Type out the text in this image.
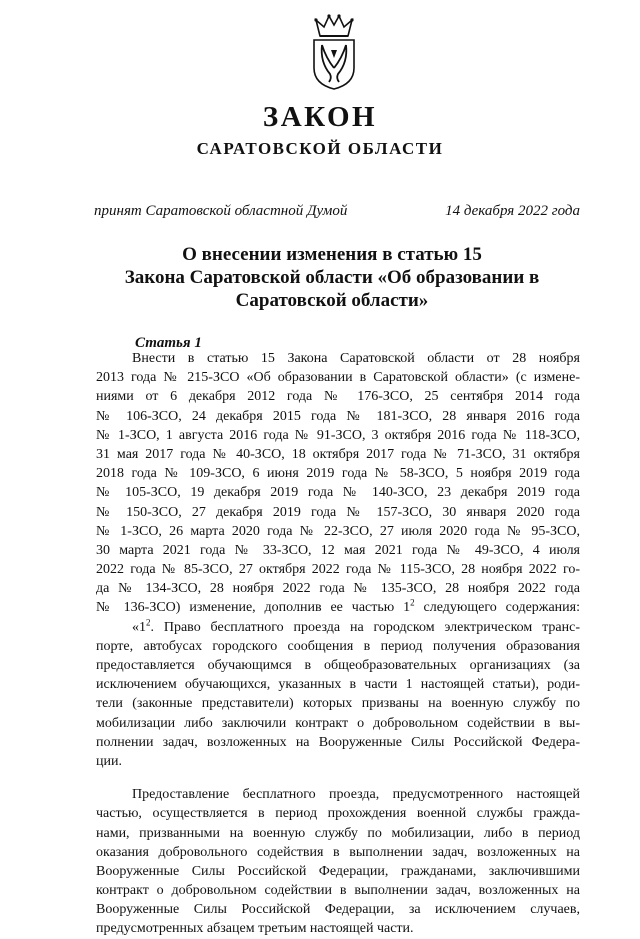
ЗАКОН
САРАТОВСКОЙ ОБЛАСТИ
принят Саратовской областной Думой	14 декабря 2022 года
О внесении изменения в статью 15
Закона Саратовской области «Об образовании в
Саратовской области»
Статья 1
Внести в статью 15 Закона Саратовской области от 28 ноября
2013 года № 215-ЗСО «Об образовании в Саратовской области» (с измене-
ниями от 6 декабря 2012 года № 176-ЗСО, 25 сентября 2014 года
№ 106-ЗСО, 24 декабря 2015 года № 181-ЗСО, 28 января 2016 года
№ 1-ЗСО, 1 августа 2016 года № 91-ЗСО, 3 октября 2016 года № 118-ЗСО,
31 мая 2017 года № 40-ЗСО, 18 октября 2017 года № 71-ЗСО, 31 октября
2018 года № 109-ЗСО, 6 июня 2019 года № 58-ЗСО, 5 ноября 2019 года
№ 105-ЗСО, 19 декабря 2019 года № 140-ЗСО, 23 декабря 2019 года
№ 150-ЗСО, 27 декабря 2019 года № 157-ЗСО, 30 января 2020 года
№ 1-ЗСО, 26 марта 2020 года № 22-ЗСО, 27 июля 2020 года № 95-ЗСО,
30 марта 2021 года № 33-ЗСО, 12 мая 2021 года № 49-ЗСО, 4 июля
2022 года № 85-ЗСО, 27 октября 2022 года № 115-ЗСО, 28 ноября 2022 го-
да № 134-ЗСО, 28 ноября 2022 года № 135-ЗСО, 28 ноября 2022 года
№ 136-ЗСО) изменение, дополнив ее частью $1^2$ следующего содержания:
«$1^2$. Право бесплатного проезда на городском электрическом транс-
порте, автобусах городского сообщения в период получения образования
предоставляется обучающимся в общеобразовательных организациях (за
исключением обучающихся, указанных в части 1 настоящей статьи), роди-
тели (законные представители) которых призваны на военную службу по
мобилизации либо заключили контракт о добровольном содействии в вы-
полнении задач, возложенных на Вооруженные Силы Российской Федера-
ции.
Предоставление бесплатного проезда, предусмотренного настоящей
частью, осуществляется в период прохождения военной службы гражда-
нами, призванными на военную службу по мобилизации, либо в период
оказания добровольного содействия в выполнении задач, возложенных на
Вооруженные Силы Российской Федерации, гражданами, заключившими
контракт о добровольном содействии в выполнении задач, возложенных на
Вооруженные Силы Российской Федерации, за исключением случаев,
предусмотренных абзацем третьим настоящей части.
